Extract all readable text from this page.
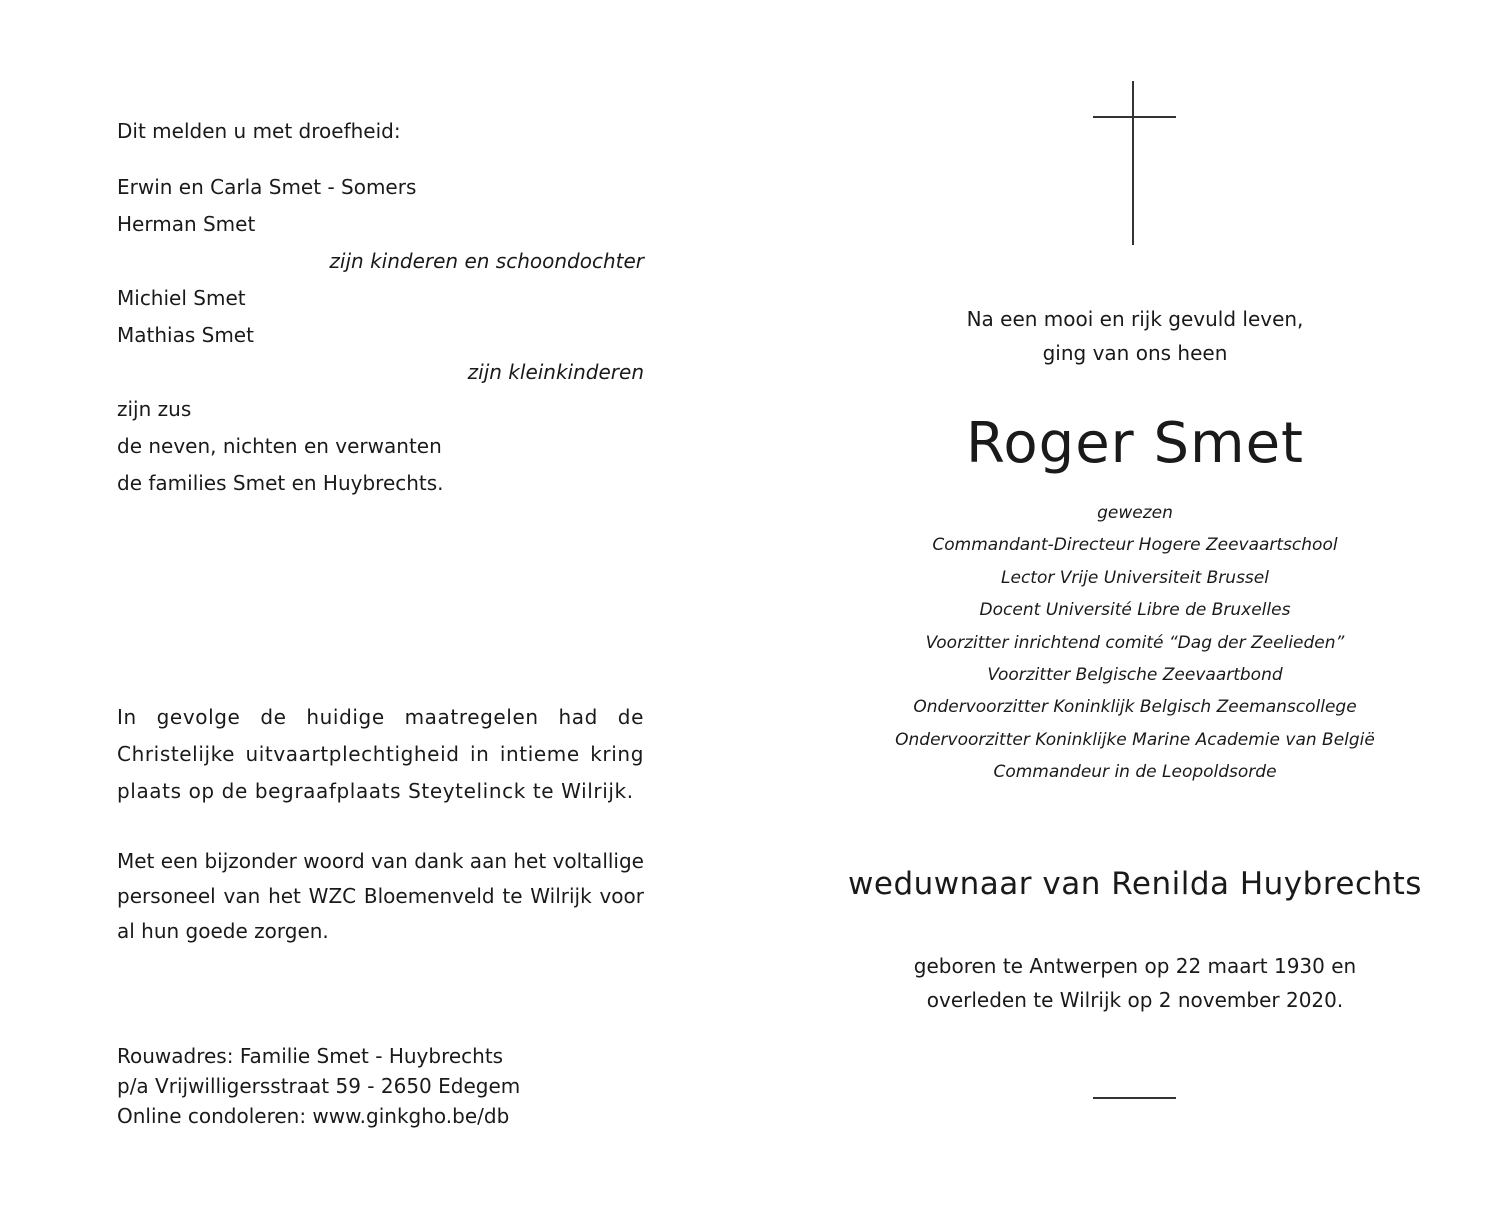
Dit melden u met droefheid:
Erwin en Carla Smet - Somers
Herman Smet
zijn kinderen en schoondochter
Michiel Smet
Mathias Smet
zijn kleinkinderen
zijn zus
de neven, nichten en verwanten
de families Smet en Huybrechts.
In gevolge de huidige maatregelen had de Christelijke uitvaartplechtigheid in intieme kring plaats op de begraafplaats Steytelinck te Wilrijk.
Met een bijzonder woord van dank aan het voltallige personeel van het WZC Bloemenveld te Wilrijk voor al hun goede zorgen.
Rouwadres: Familie Smet - Huybrechts
p/a Vrijwilligersstraat 59 - 2650 Edegem
Online condoleren: www.ginkgho.be/db
Na een mooi en rijk gevuld leven,
ging van ons heen
Roger Smet
gewezen
Commandant-Directeur Hogere Zeevaartschool
Lector Vrije Universiteit Brussel
Docent Université Libre de Bruxelles
Voorzitter inrichtend comité “Dag der Zeelieden”
Voorzitter Belgische Zeevaartbond
Ondervoorzitter Koninklijk Belgisch Zeemanscollege
Ondervoorzitter Koninklijke Marine Academie van België
Commandeur in de Leopoldsorde
weduwnaar van Renilda Huybrechts
geboren te Antwerpen op 22 maart 1930 en
overleden te Wilrijk op 2 november 2020.
